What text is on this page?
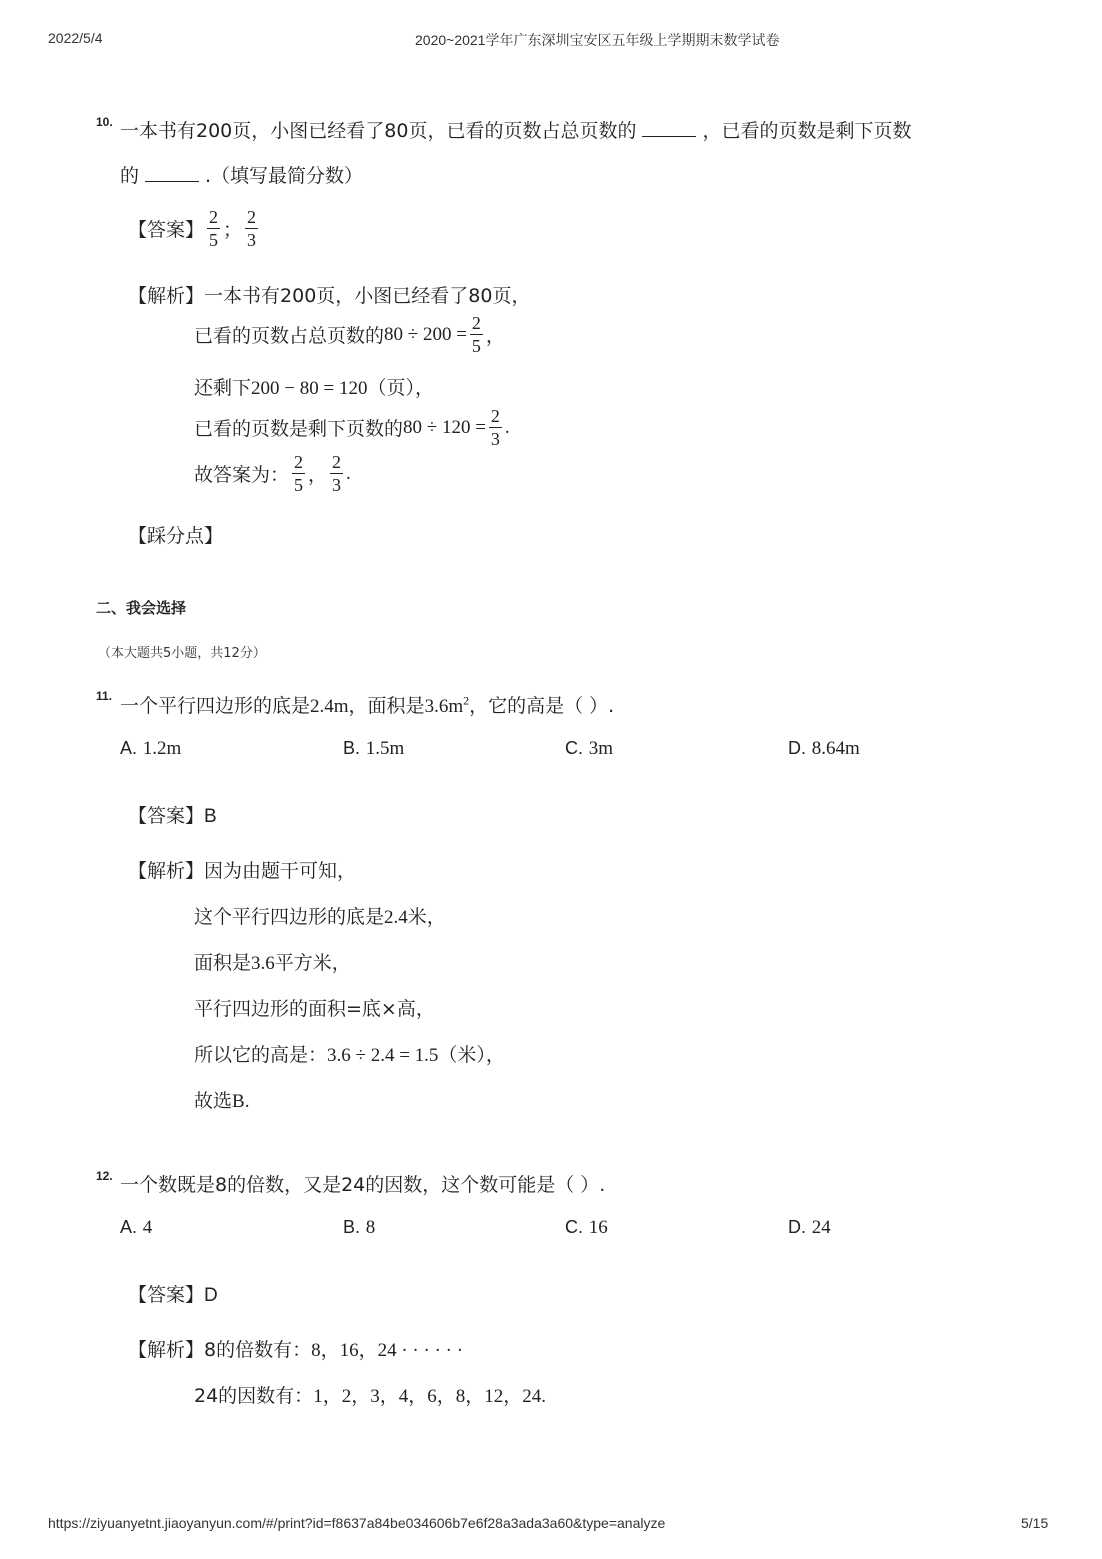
2022/5/4	2020~2021学年广东深圳宝安区五年级上学期期末数学试卷
10. 一本书有200页，小图已经看了80页，已看的页数占总页数的	，已看的页数是剩下页数
的	.（填写最简分数）
【答案】 $\frac{2}{5}$ ； $\frac{2}{3}$
【解析】一本书有200页，小图已经看了80页，
已看的页数占总页数的 $80 \div 200 = \frac{2}{5}$ ，
还剩下200 − 80 = 120（页），
已看的页数是剩下页数的 $80 \div 120 = \frac{2}{3}$ .
故答案为： $\frac{2}{5}$ ， $\frac{2}{3}$ .
【踩分点】
二、我会选择
（本大题共5小题，共12分）
11. 一个平行四边形的底是2.4m，面积是$3.6m^2$，它的高是（ ）.
A. 1.2m	B. 1.5m	C. 3m	D. 8.64m
【答案】B
【解析】因为由题干可知，
这个平行四边形的底是2.4米，
面积是3.6平方米，
平行四边形的面积=底×高，
所以它的高是：3.6 ÷ 2.4 = 1.5（米），
故选B.
12. 一个数既是8的倍数，又是24的因数，这个数可能是（ ）.
A. 4	B. 8	C. 16	D. 24
【答案】D
【解析】8的倍数有：8，16，24 · · · · · ·
24的因数有：1，2，3，4，6，8，12，24.
https://ziyuanyetnt.jiaoyanyun.com/#/print?id=f8637a84be034606b7e6f28a3ada3a60&type=analyze	5/15
